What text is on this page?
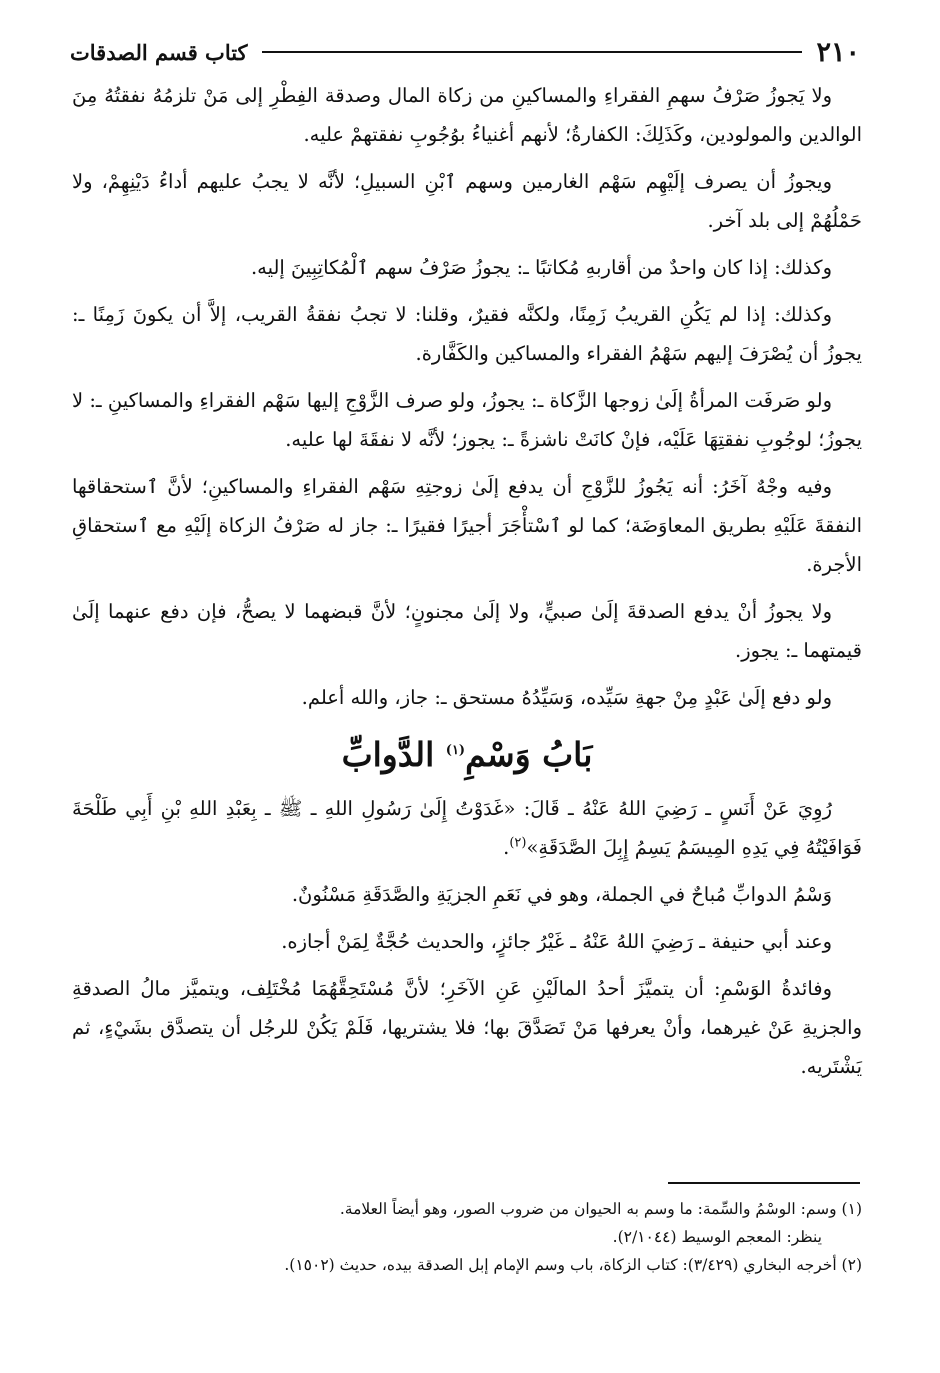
٢١٠
كتاب قسم الصدقات

ولا يَجوزُ صَرْفُ سهمِ الفقراءِ والمساكينِ من زكاة المال وصدقة الفِطْرِ إلى مَنْ تلزمُهُ نفقتُهُ مِنَ الوالدين والمولودين، وكَذَلِكَ: الكفارةُ؛ لأنهم أغنياءُ بوُجُوبِ نفقتهمْ عليه.

ويجوزُ أن يصرف إلَيْهِم سَهْم الغارمين وسهم ٱبْنِ السبيلِ؛ لأنَّه لا يجبُ عليهم أداءُ دَيْنِهِمْ، ولا حَمْلُهُمْ إلى بلد آخر.

وكذلك: إذا كان واحدٌ من أقاربهِ مُكاتبًا ـ: يجوزُ صَرْفُ سهم ٱلْمُكاتِبِينَ إليه.

وكذلك: إذا لم يَكُنِ القريبُ زَمِنًا، ولكنَّه فقيرٌ، وقلنا: لا تجبُ نفقةُ القريب، إلاَّ أن يكونَ زَمِنًا ـ: يجوزُ أن يُصْرَفَ إليهم سَهْمُ الفقراء والمساكين والكَفَّارة.

ولو صَرفَت المرأةُ إلَىٰ زوجها الزَّكاة ـ: يجوزُ، ولو صرف الزَّوْجِ إليها سَهْم الفقراءِ والمساكينِ ـ: لا يجوزُ؛ لوجُوبِ نفقتِهَا عَلَيْه، فإنْ كانَتْ ناشزةً ـ: يجوز؛ لأنَّه لا نفقَةَ لها عليه.

وفيه وجْهٌ آخَرُ: أنه يَجُوزُ للزَّوْجِ أن يدفع إلَىٰ زوجتِهِ سَهْم الفقراءِ والمساكينِ؛ لأنَّ ٱستحقاقها النفقةَ عَلَيْهِ بطريق المعاوَضَة؛ كما لو ٱسْتأْجَرَ أجيرًا فقيرًا ـ: جاز له صَرْفُ الزكاة إلَيْهِ مع ٱستحقاقِ الأجرة.

ولا يجوزُ أنْ يدفع الصدقةَ إلَىٰ صبيٍّ، ولا إلَىٰ مجنونٍ؛ لأنَّ قبضهما لا يصحُّ، فإن دفع عنهما إلَىٰ قيمتهما ـ: يجوز.

ولو دفع إلَىٰ عَبْدٍ مِنْ جهةِ سَيِّده، وَسَيِّدُهُ مستحق ـ: جاز، والله أعلم.

بَابُ وَسْمِ$^{(١)}$ الدَّوابِّ

رُوِيَ عَنْ أَنَسٍ ـ رَضِيَ اللهُ عَنْهُ ـ قَالَ: «غَدَوْتُ إِلَىٰ رَسُولِ اللهِ ـ ﷺ ـ بِعَبْدِ اللهِ بْنِ أَبِي طَلْحَةَ فَوَافَيْتُهُ فِي يَدِهِ المِيسَمُ يَسِمُ إِبِلَ الصَّدَقَةِ»$^{(٢)}$.

وَسْمُ الدوابِّ مُباحٌ في الجملة، وهو في نَعَمِ الجزيَةِ والصَّدَقَةِ مَسْنُونٌ.

وعند أبي حنيفة ـ رَضِيَ اللهُ عَنْهُ ـ غَيْرُ جائزٍ، والحديث حُجَّةٌ لِمَنْ أجازه.

وفائدةُ الوَسْمِ: أن يتميَّزَ أحدُ المالَيْنِ عَنِ الآخَرِ؛ لأنَّ مُسْتَحِقَّهُمَا مُخْتَلِف، ويتميَّز مالُ الصدقةِ والجزيةِ عَنْ غيرهما، وأنْ يعرفها مَنْ تَصَدَّقَ بها؛ فلا يشتريها، فَلَمْ يَكُنْ للرجُل أن يتصدَّق بشَيْءٍ، ثم يَشْتَريه.

(١) وسم: الوسْمُ والسِّمة: ما وسم به الحيوان من ضروب الصور، وهو أيضاً العلامة.
ينظر: المعجم الوسيط (٢/١٠٤٤).
(٢) أخرجه البخاري (٣/٤٢٩): كتاب الزكاة، باب وسم الإمام إبل الصدقة بيده، حديث (١٥٠٢).
